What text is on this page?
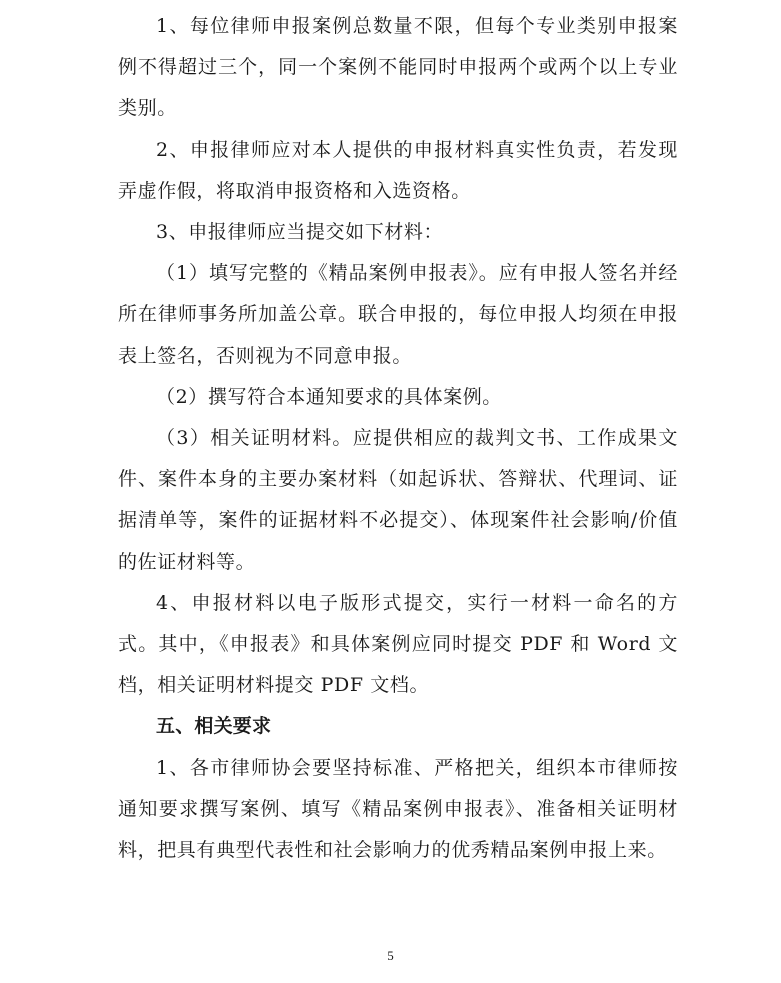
1、每位律师申报案例总数量不限，但每个专业类别申报案例不得超过三个，同一个案例不能同时申报两个或两个以上专业类别。

2、申报律师应对本人提供的申报材料真实性负责，若发现弄虚作假，将取消申报资格和入选资格。

3、申报律师应当提交如下材料：

（1）填写完整的《精品案例申报表》。应有申报人签名并经所在律师事务所加盖公章。联合申报的，每位申报人均须在申报表上签名，否则视为不同意申报。

（2）撰写符合本通知要求的具体案例。

（3）相关证明材料。应提供相应的裁判文书、工作成果文件、案件本身的主要办案材料（如起诉状、答辩状、代理词、证据清单等，案件的证据材料不必提交）、体现案件社会影响/价值的佐证材料等。

4、申报材料以电子版形式提交，实行一材料一命名的方式。其中，《申报表》和具体案例应同时提交 PDF 和 Word 文档，相关证明材料提交 PDF 文档。

五、相关要求

1、各市律师协会要坚持标准、严格把关，组织本市律师按通知要求撰写案例、填写《精品案例申报表》、准备相关证明材料，把具有典型代表性和社会影响力的优秀精品案例申报上来。

5
